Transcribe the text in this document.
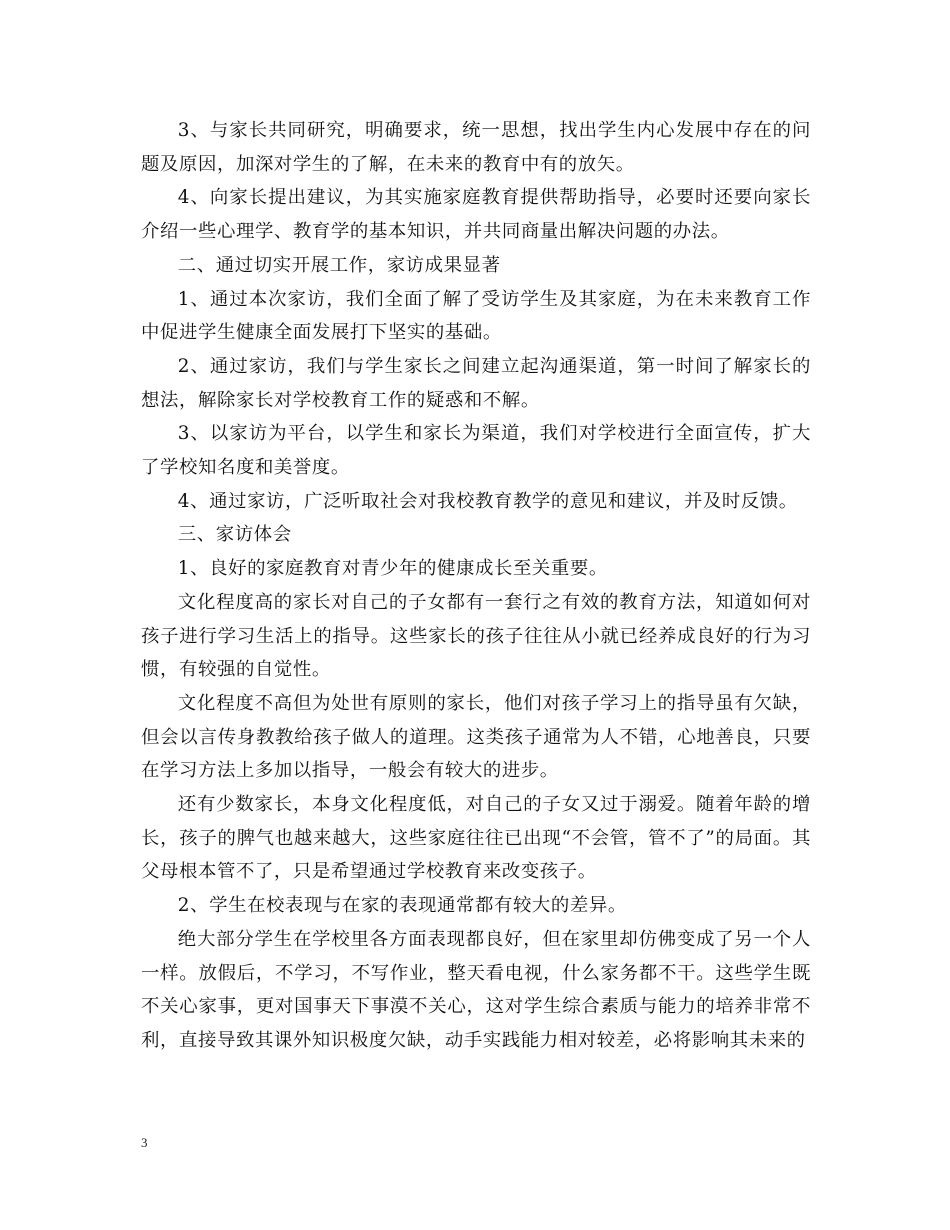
3、与家长共同研究，明确要求，统一思想，找出学生内心发展中存在的问题及原因，加深对学生的了解，在未来的教育中有的放矢。

4、向家长提出建议，为其实施家庭教育提供帮助指导，必要时还要向家长介绍一些心理学、教育学的基本知识，并共同商量出解决问题的办法。

二、通过切实开展工作，家访成果显著

1、通过本次家访，我们全面了解了受访学生及其家庭，为在未来教育工作中促进学生健康全面发展打下坚实的基础。

2、通过家访，我们与学生家长之间建立起沟通渠道，第一时间了解家长的想法，解除家长对学校教育工作的疑惑和不解。

3、以家访为平台，以学生和家长为渠道，我们对学校进行全面宣传，扩大了学校知名度和美誉度。

4、通过家访，广泛听取社会对我校教育教学的意见和建议，并及时反馈。

三、家访体会

1、良好的家庭教育对青少年的健康成长至关重要。

文化程度高的家长对自己的子女都有一套行之有效的教育方法，知道如何对孩子进行学习生活上的指导。这些家长的孩子往往从小就已经养成良好的行为习惯，有较强的自觉性。

文化程度不高但为处世有原则的家长，他们对孩子学习上的指导虽有欠缺，但会以言传身教教给孩子做人的道理。这类孩子通常为人不错，心地善良，只要在学习方法上多加以指导，一般会有较大的进步。

还有少数家长，本身文化程度低，对自己的子女又过于溺爱。随着年龄的增长，孩子的脾气也越来越大，这些家庭往往已出现“不会管，管不了”的局面。其父母根本管不了，只是希望通过学校教育来改变孩子。

2、学生在校表现与在家的表现通常都有较大的差异。

绝大部分学生在学校里各方面表现都良好，但在家里却仿佛变成了另一个人一样。放假后，不学习，不写作业，整天看电视，什么家务都不干。这些学生既不关心家事，更对国事天下事漠不关心，这对学生综合素质与能力的培养非常不利，直接导致其课外知识极度欠缺，动手实践能力相对较差，必将影响其未来的

3
